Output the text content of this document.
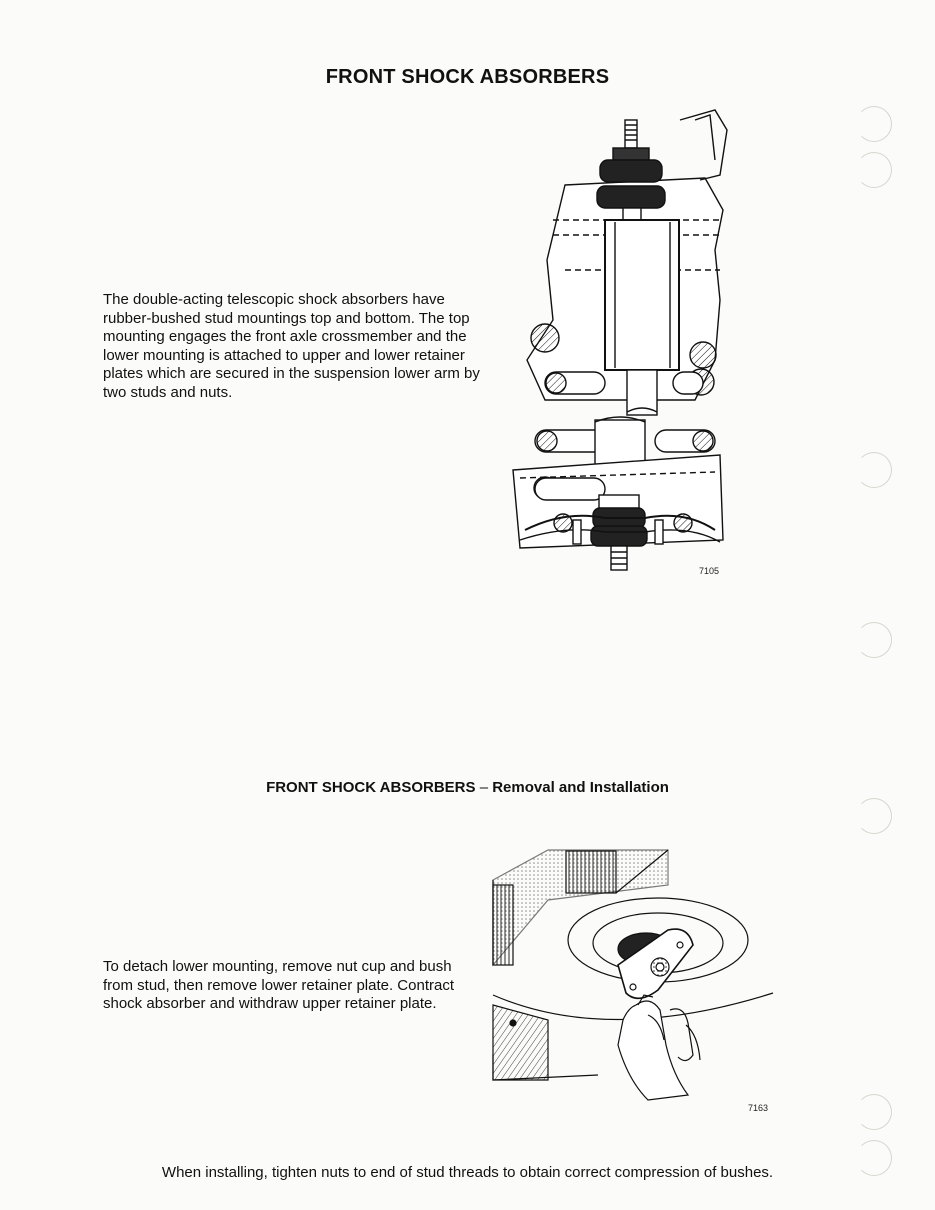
FRONT SHOCK ABSORBERS
The double-acting telescopic shock absorbers have rubber-bushed stud mountings top and bottom. The top mounting engages the front axle crossmember and the lower mounting is attached to upper and lower retainer plates which are secured in the suspension lower arm by two studs and nuts.
7105
FRONT SHOCK ABSORBERS – Removal and Installation
To detach lower mounting, remove nut cup and bush from stud, then remove lower retainer plate. Contract shock absorber and withdraw upper retainer plate.
7163
When installing, tighten nuts to end of stud threads to obtain correct compression of bushes.
